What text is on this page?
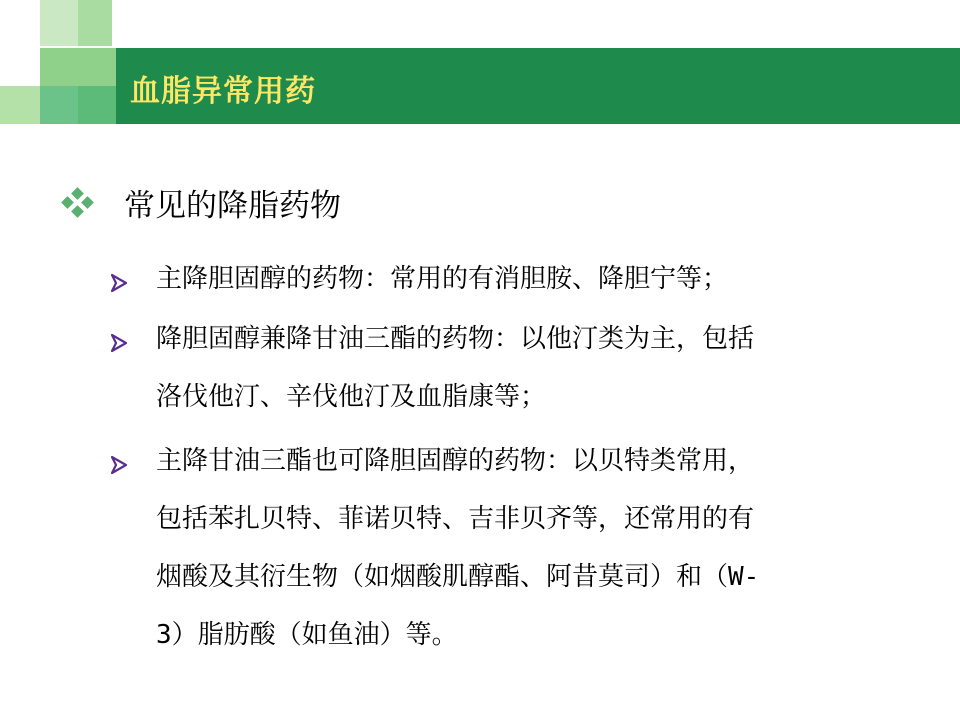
血脂异常用药
常见的降脂药物
主降胆固醇的药物：常用的有消胆胺、降胆宁等；
降胆固醇兼降甘油三酯的药物：以他汀类为主，包括
洛伐他汀、辛伐他汀及血脂康等；
主降甘油三酯也可降胆固醇的药物：以贝特类常用，
包括苯扎贝特、菲诺贝特、吉非贝齐等，还常用的有
烟酸及其衍生物（如烟酸肌醇酯、阿昔莫司）和（W-
3）脂肪酸（如鱼油）等。
